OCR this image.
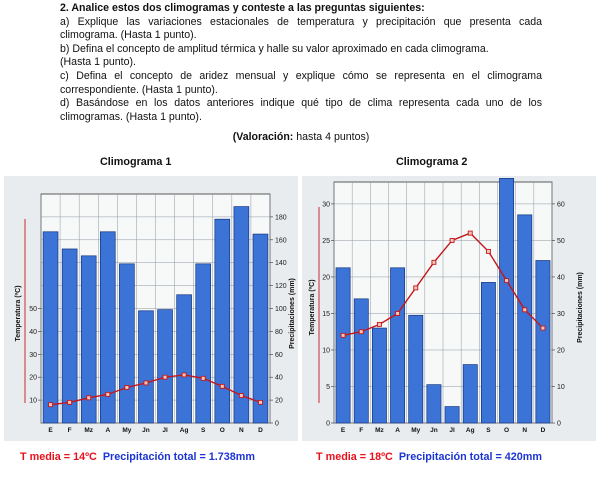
2. Analice estos dos climogramas y conteste a las preguntas siguientes:

a) Explique las variaciones estacionales de temperatura y precipitación que presenta cada climograma. (Hasta 1 punto).

b) Defina el concepto de amplitud térmica y halle su valor aproximado en cada climograma.

(Hasta 1 punto).

c) Defina el concepto de aridez mensual y explique cómo se representa en el climograma correspondiente. (Hasta 1 punto).

d) Basándose en los datos anteriores indique qué tipo de clima representa cada uno de los climogramas. (Hasta 1 punto).

(Valoración: hasta 4 puntos)
Climograma 1	Climograma 2
10
20
30
40
50
0
20
40
60
80
100
120
140
160
180
E F Mz A My Jn Jl Ag S O N D
Temperatura (ºC)	Precipitaciones (mm)
0
5
10
15
20
25
30
0
10
20
30
40
50
60
E F Mz A My Jn Jl Ag S O N D
Temperatura (ºC)	Precipitaciones (mm)
T media = 14ºC Precipitación total = 1.738mm	T media = 18ºC Precipitación total = 420mm
